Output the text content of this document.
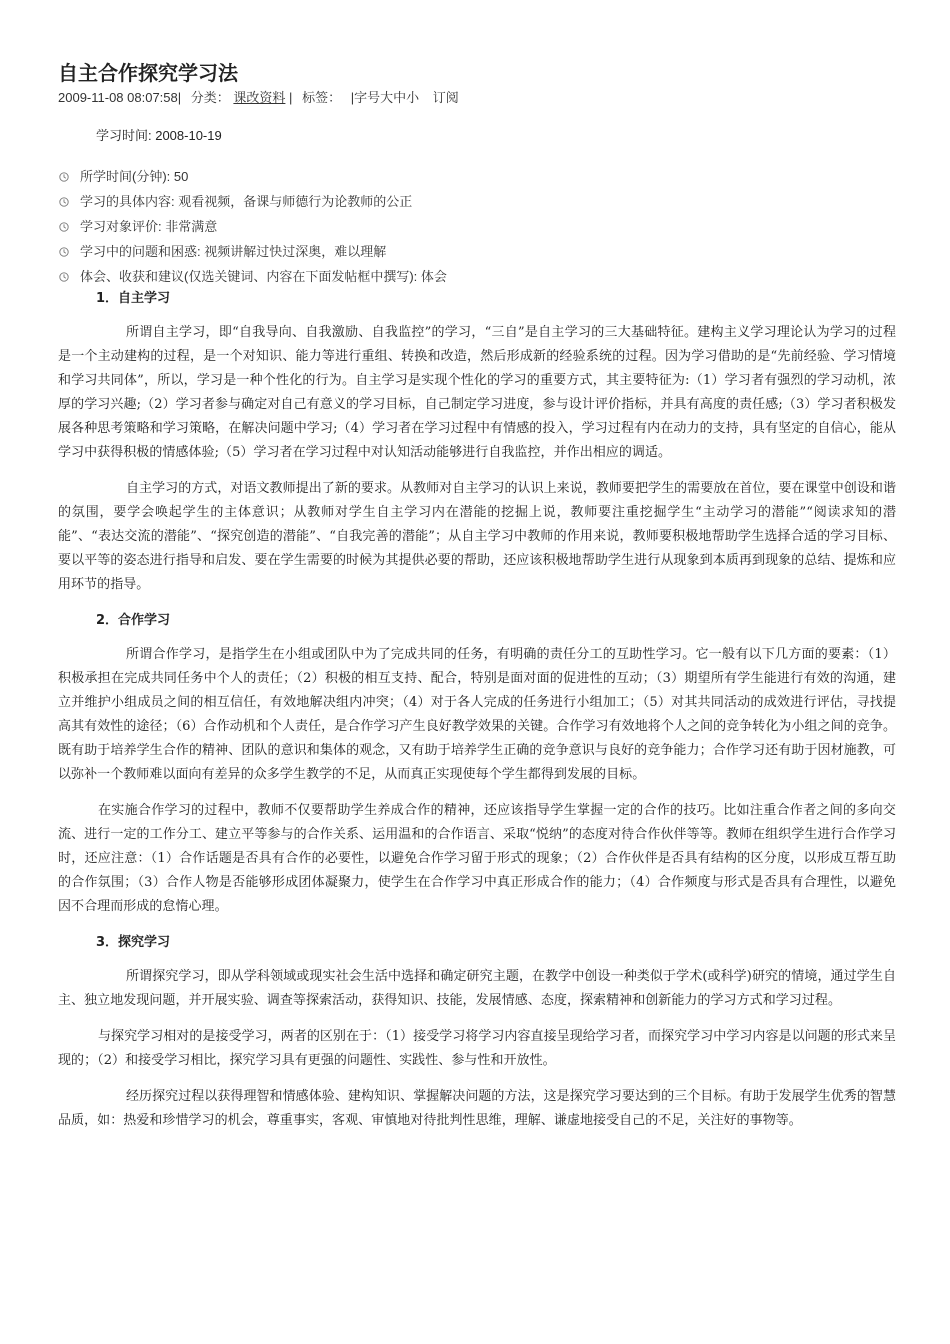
自主合作探究学习法

2009-11-08 08:07:58| 分类： 课改资料 | 标签： |字号大中小 订阅

学习时间: 2008-10-19

所学时间(分钟): 50
学习的具体内容: 观看视频，备课与师德行为论教师的公正
学习对象评价: 非常满意
学习中的问题和困惑: 视频讲解过快过深奥，难以理解
体会、收获和建议(仅选关键词、内容在下面发帖框中撰写): 体会
1．自主学习

所谓自主学习，即“自我导向、自我激励、自我监控”的学习，“三自”是自主学习的三大基础特征。建构主义学习理论认为学习的过程是一个主动建构的过程，是一个对知识、能力等进行重组、转换和改造，然后形成新的经验系统的过程。因为学习借助的是“先前经验、学习情境和学习共同体”，所以，学习是一种个性化的行为。自主学习是实现个性化的学习的重要方式，其主要特征为:（1）学习者有强烈的学习动机，浓厚的学习兴趣;（2）学习者参与确定对自己有意义的学习目标，自己制定学习进度，参与设计评价指标，并具有高度的责任感;（3）学习者积极发展各种思考策略和学习策略，在解决问题中学习;（4）学习者在学习过程中有情感的投入，学习过程有内在动力的支持，具有坚定的自信心，能从学习中获得积极的情感体验;（5）学习者在学习过程中对认知活动能够进行自我监控，并作出相应的调适。

自主学习的方式，对语文教师提出了新的要求。从教师对自主学习的认识上来说，教师要把学生的需要放在首位，要在课堂中创设和谐的氛围，要学会唤起学生的主体意识；从教师对学生自主学习内在潜能的挖掘上说，教师要注重挖掘学生“主动学习的潜能”“阅读求知的潜能”、“表达交流的潜能”、“探究创造的潜能”、“自我完善的潜能”；从自主学习中教师的作用来说，教师要积极地帮助学生选择合适的学习目标、要以平等的姿态进行指导和启发、要在学生需要的时候为其提供必要的帮助，还应该积极地帮助学生进行从现象到本质再到现象的总结、提炼和应用环节的指导。

2．合作学习

所谓合作学习，是指学生在小组或团队中为了完成共同的任务，有明确的责任分工的互助性学习。它一般有以下几方面的要素：（1）积极承担在完成共同任务中个人的责任；（2）积极的相互支持、配合，特别是面对面的促进性的互动；（3）期望所有学生能进行有效的沟通，建立并维护小组成员之间的相互信任，有效地解决组内冲突；（4）对于各人完成的任务进行小组加工；（5）对其共同活动的成效进行评估，寻找提高其有效性的途径；（6）合作动机和个人责任，是合作学习产生良好教学效果的关键。合作学习有效地将个人之间的竞争转化为小组之间的竞争。既有助于培养学生合作的精神、团队的意识和集体的观念，又有助于培养学生正确的竞争意识与良好的竞争能力；合作学习还有助于因材施教，可以弥补一个教师难以面向有差异的众多学生教学的不足，从而真正实现使每个学生都得到发展的目标。

在实施合作学习的过程中，教师不仅要帮助学生养成合作的精神，还应该指导学生掌握一定的合作的技巧。比如注重合作者之间的多向交流、进行一定的工作分工、建立平等参与的合作关系、运用温和的合作语言、采取“悦纳”的态度对待合作伙伴等等。教师在组织学生进行合作学习时，还应注意：（1）合作话题是否具有合作的必要性，以避免合作学习留于形式的现象；（2）合作伙伴是否具有结构的区分度，以形成互帮互助的合作氛围；（3）合作人物是否能够形成团体凝聚力，使学生在合作学习中真正形成合作的能力；（4）合作频度与形式是否具有合理性，以避免因不合理而形成的怠惰心理。

3．探究学习

所谓探究学习，即从学科领域或现实社会生活中选择和确定研究主题，在教学中创设一种类似于学术(或科学)研究的情境，通过学生自主、独立地发现问题，并开展实验、调查等探索活动，获得知识、技能，发展情感、态度，探索精神和创新能力的学习方式和学习过程。

与探究学习相对的是接受学习，两者的区别在于：（1）接受学习将学习内容直接呈现给学习者，而探究学习中学习内容是以问题的形式来呈现的；（2）和接受学习相比，探究学习具有更强的问题性、实践性、参与性和开放性。

经历探究过程以获得理智和情感体验、建构知识、掌握解决问题的方法，这是探究学习要达到的三个目标。有助于发展学生优秀的智慧品质，如：热爱和珍惜学习的机会，尊重事实，客观、审慎地对待批判性思维，理解、谦虚地接受自己的不足，关注好的事物等。
